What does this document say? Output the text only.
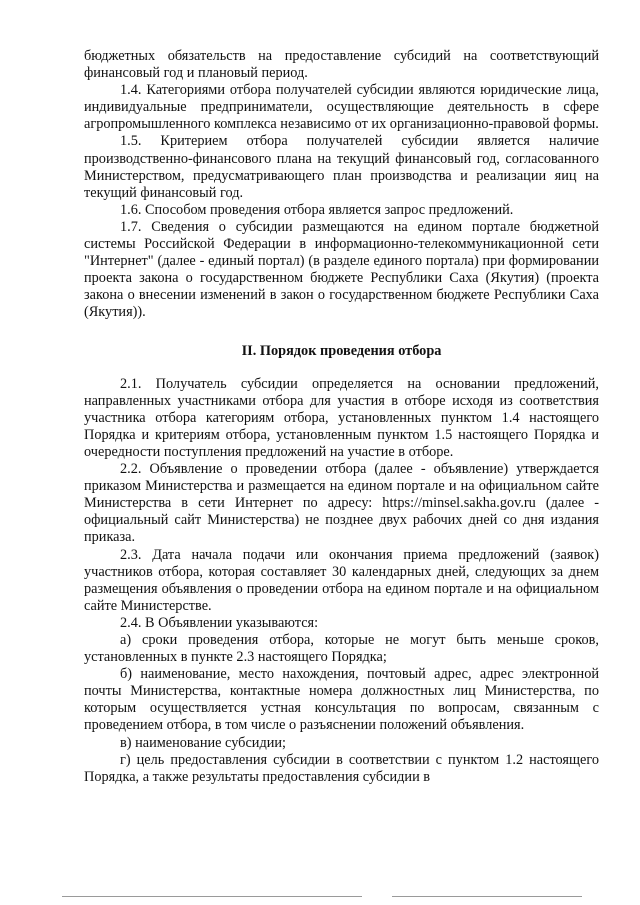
бюджетных обязательств на предоставление субсидий на соответствующий финансовый год и плановый период.

1.4. Категориями отбора получателей субсидии являются юридические лица, индивидуальные предприниматели, осуществляющие деятельность в сфере агропромышленного комплекса независимо от их организационно-правовой формы.

1.5. Критерием отбора получателей субсидии является наличие производственно-финансового плана на текущий финансовый год, согласованного Министерством, предусматривающего план производства и реализации яиц на текущий финансовый год.

1.6. Способом проведения отбора является запрос предложений.

1.7. Сведения о субсидии размещаются на едином портале бюджетной системы Российской Федерации в информационно-телекоммуникационной сети "Интернет" (далее - единый портал) (в разделе единого портала) при формировании проекта закона о государственном бюджете Республики Саха (Якутия) (проекта закона о внесении изменений в закон о государственном бюджете Республики Саха (Якутия)).

II. Порядок проведения отбора

2.1. Получатель субсидии определяется на основании предложений, направленных участниками отбора для участия в отборе исходя из соответствия участника отбора категориям отбора, установленных пунктом 1.4 настоящего Порядка и критериям отбора, установленным пунктом 1.5 настоящего Порядка и очередности поступления предложений на участие в отборе.

2.2. Объявление о проведении отбора (далее - объявление) утверждается приказом Министерства и размещается на едином портале и на официальном сайте Министерства в сети Интернет по адресу: https://minsel.sakha.gov.ru (далее - официальный сайт Министерства) не позднее двух рабочих дней со дня издания приказа.

2.3. Дата начала подачи или окончания приема предложений (заявок) участников отбора, которая составляет 30 календарных дней, следующих за днем размещения объявления о проведении отбора на едином портале и на официальном сайте Министерстве.

2.4. В Объявлении указываются:

а) сроки проведения отбора, которые не могут быть меньше сроков, установленных в пункте 2.3 настоящего Порядка;

б) наименование, место нахождения, почтовый адрес, адрес электронной почты Министерства, контактные номера должностных лиц Министерства, по которым осуществляется устная консультация по вопросам, связанным с проведением отбора, в том числе о разъяснении положений объявления.

в) наименование субсидии;

г) цель предоставления субсидии в соответствии с пунктом 1.2 настоящего Порядка, а также результаты предоставления субсидии в
